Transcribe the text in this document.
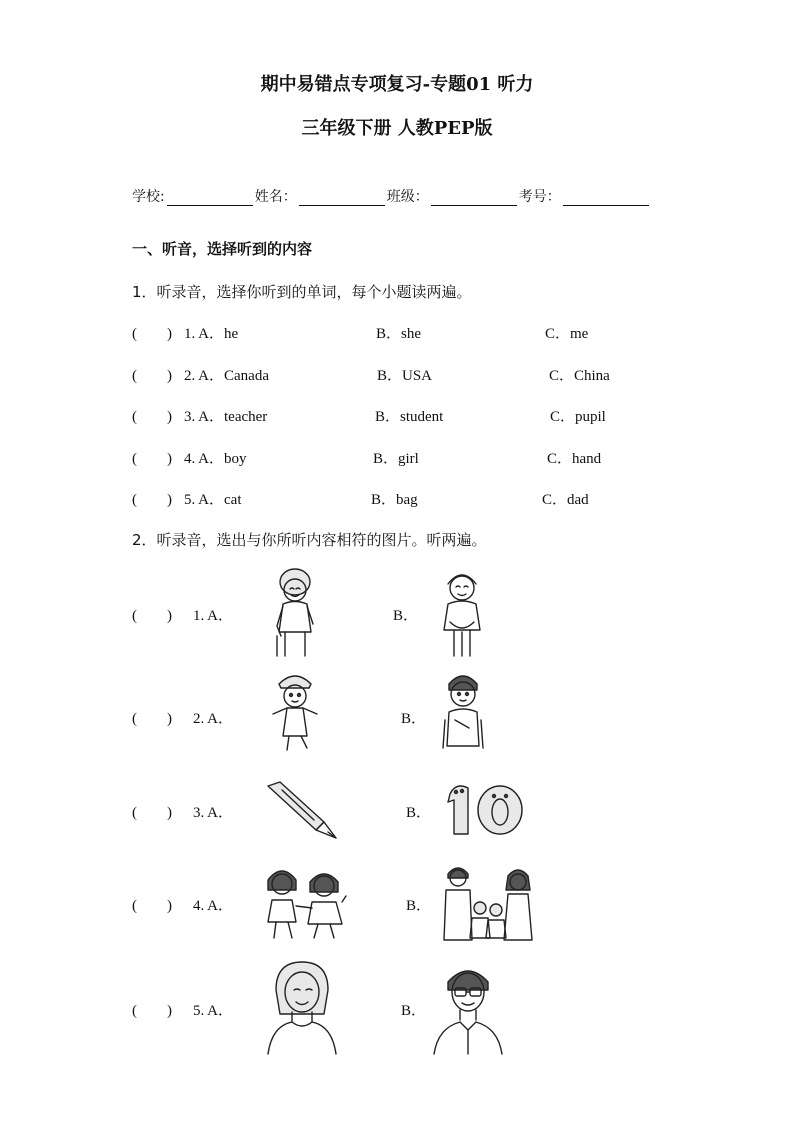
期中易错点专项复习-专题01 听力
三年级下册 人教PEP版
学校:	姓名：	班级：	考号：
一、听音，选择听到的内容
1．听录音，选择你听到的单词，每个小题读两遍。
(　　) 1. A．he	B．she	C．me
(　　) 2. A．Canada	B．USA	C．China
(　　) 3. A．teacher	B．student	C．pupil
(　　) 4. A．boy	B．girl	C．hand
(　　) 5. A．cat	B．bag	C．dad
2．听录音，选出与你所听内容相符的图片。听两遍。
(　　) 1. A．	B．
(　　) 2. A．	B．
(　　) 3. A．	B．
(　　) 4. A．	B．
(　　) 5. A．	B．
